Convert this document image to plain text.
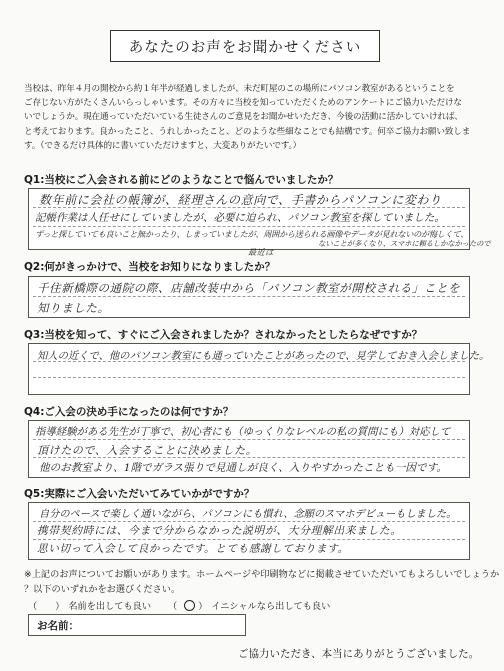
あなたのお声をお聞かせください

当校は、昨年４月の開校から約１年半が経過しましたが、未だ町屋のこの場所にパソコン教室があるということを

ご存じない方がたくさんいらっしゃいます。その方々に当校を知っていただくためのアンケートにご協力いただけな

いでしょうか。現在通っていただいている生徒さんのご意見をお聞かせいただき、今後の活動に活かしていければ、

と考えております。良かったこと、うれしかったこと、どのような些細なことでも結構です。何卒ご協力お願い致しま

す。（できるだけ具体的に書いていただけますと、大変ありがたいです。）

Q1:当校にご入会される前にどのようなことで悩んでいましたか？
数年前に会社の帳簿が、経理さんの意向で、手書からパソコンに変わり
記帳作業は人任せにしていましたが、必要に迫られ、パソコン教室を探していました。
ずっと探していても良いこと無かったり、しまっていましたが、周囲から送られる画像やデータが見れないのが悔しくて、
最近は
ないことが多くなり、スマホに頼るしかなかったので
Q2:何がきっかけで、当校をお知りになりましたか？
千住新橋際の通院の際、店舗改装中から「パソコン教室が開校される」ことを
知りました。
Q3:当校を知って、すぐにご入会されましたか？されなかったとしたらなぜですか？
知人の近くで、他のパソコン教室にも通っていたことがあったので、見学しておき入会しました。
Q4:ご入会の決め手になったのは何ですか？
指導経験がある先生が丁寧で、初心者にも（ゆっくりなレベルの私の質問にも）対応して
頂けたので、入会することに決めました。
他のお教室より、1階でガラス張りで見通しが良く、入りやすかったことも一因です。
Q5:実際にご入会いただいてみていかがですか？
自分のペースで楽しく通いながら、パソコンにも慣れ、念願のスマホデビューもしました。
携帯契約時には、今まで分からなかった説明が、大分理解出来ました。
思い切って入会して良かったです。とても感謝しております。

※上記のお声についてお願いがあります。ホームページや印刷物などに掲載させていただいてもよろしいでしょうか

？以下のいずれかをお選びください。

（ ） 名前を出しても良い （ ） イニシャルなら出しても良い
お名前：
ご協力いただき、本当にありがとうございました。
